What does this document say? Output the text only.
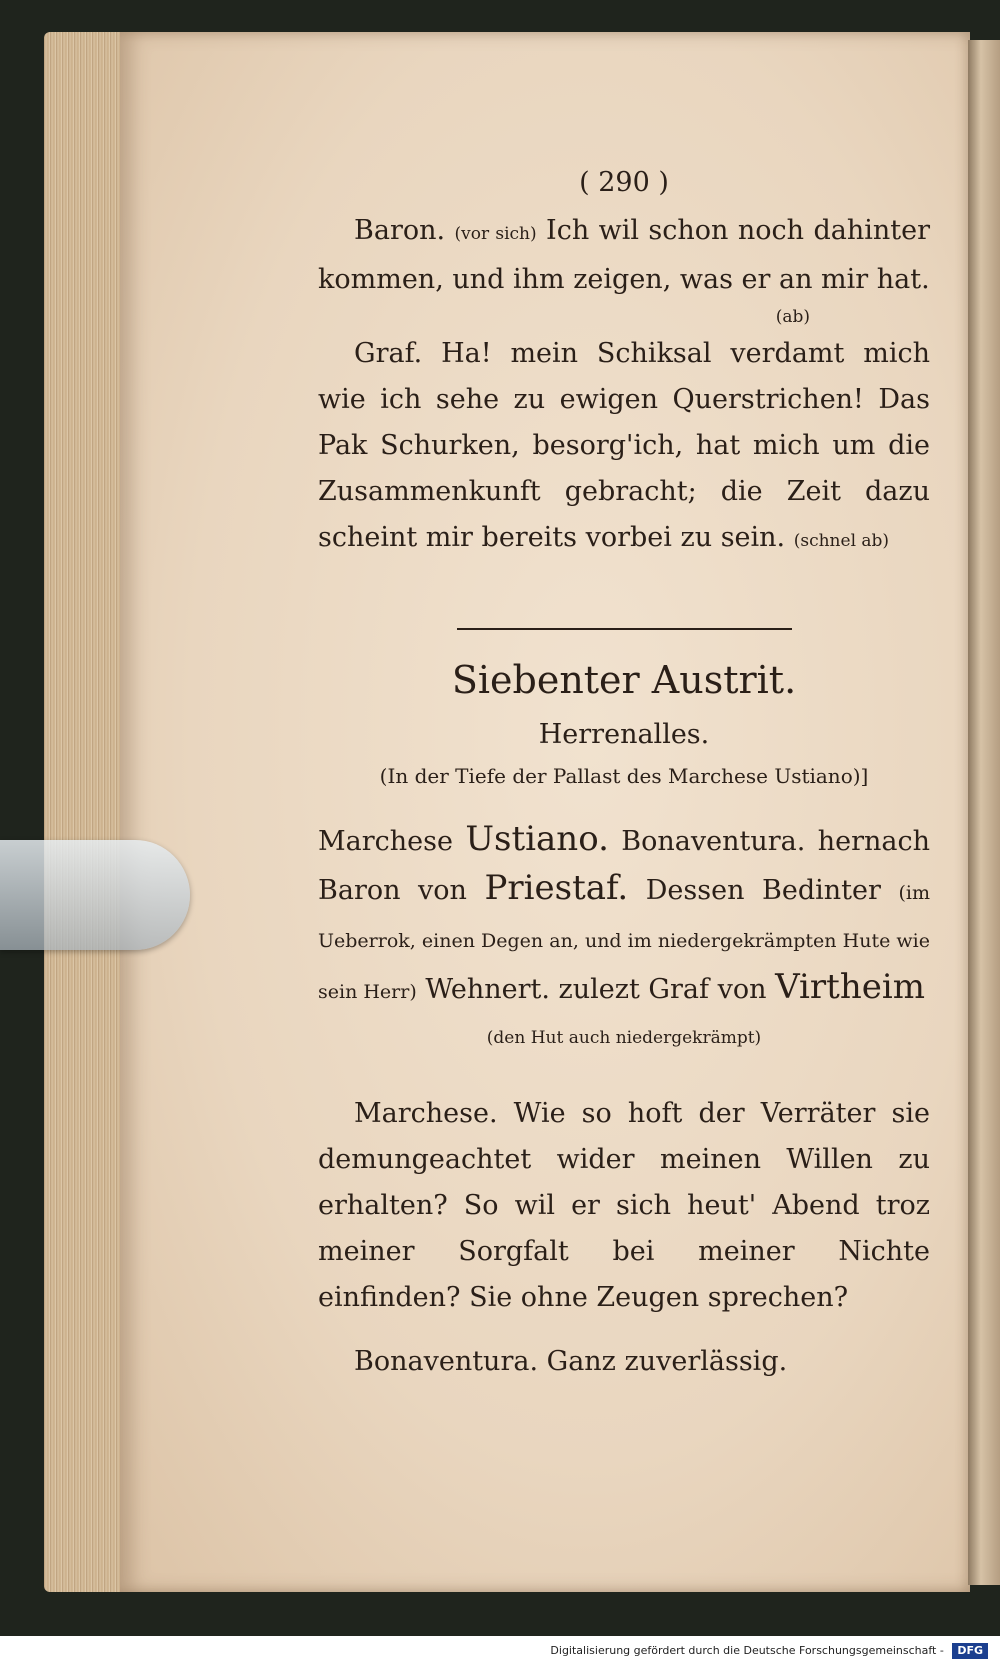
( 290 )

Baron. (vor sich) Ich wil schon noch dahinter kommen, und ihm zeigen, was er an mir hat.

(ab)

Graf. Ha! mein Schiksal verdamt mich wie ich sehe zu ewigen Querstrichen! Das Pak Schurken, besorg'ich, hat mich um die Zusammenkunft gebracht; die Zeit dazu scheint mir bereits vorbei zu sein. (schnel ab)

Siebenter Austrit.
Herrenalles.
(In der Tiefe der Pallast des Marchese Ustiano)]

Marchese Ustiano. Bonaventura. hernach Baron von Priestaf. Dessen Bedinter (im Ueberrok, einen Degen an, und im niedergekrämpten Hute wie sein Herr) Wehnert. zulezt Graf von Virtheim

(den Hut auch niedergekrämpt)

Marchese. Wie so hoft der Verräter sie demungeachtet wider meinen Willen zu erhalten? So wil er sich heut' Abend troz meiner Sorgfalt bei meiner Nichte einfinden? Sie ohne Zeugen sprechen?

Bonaventura. Ganz zuverlässig.

Digitalisierung gefördert durch die Deutsche Forschungsgemeinschaft - DFG
